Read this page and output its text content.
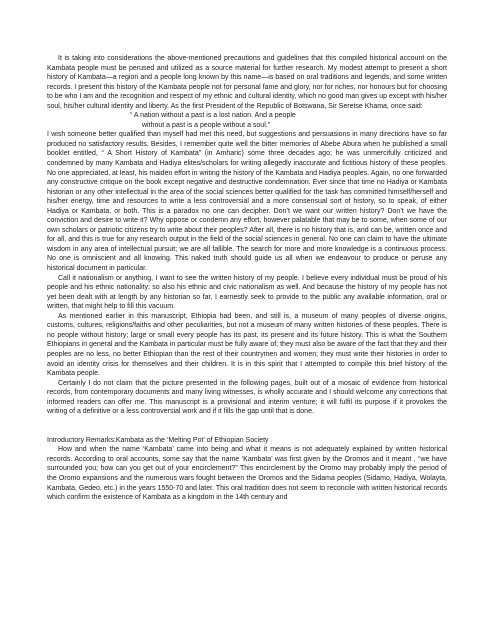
It is taking into considerations the above-mentioned precautions and guidelines that this compiled historical account on the Kambata people must be perused and utilized as a source material for further research. My modest attempt to present a short history of Kambata—a region and a people long known by this name—is based on oral traditions and legends, and some written records. I present this history of the Kambata people not for personal fame and glory, nor for riches, nor honours but for choosing to be who I am and the recognition and respect of my ethnic and cultural identity, which no good man gives up except with his/her soul, his/her cultural identity and liberty. As the first President of the Republic of Botswana, Sir Seretse Khama, once said:

“ A nation without a past is a lost nation. And a people

without a past is a people without a soul.”

I wish someone better qualified than myself had met this need, but suggestions and persuasions in many directions have so far produced no satisfactory results. Besides, I remember quite well the bitter memories of Abebe Abura when he published a small booklet entitled, “ A Short History of Kambata” (in Amharic) some three decades ago; he was unmercifully criticized and condemned by many Kambata and Hadiya elites/scholars for writing allegedly inaccurate and fictitious history of these peoples. No one appreciated, at least, his maiden effort in writing the history of the Kambata and Hadiya peoples. Again, no one forwarded any constructive critique on the book except negative and destructive condemnation. Ever since that time no Hadiya or Kambata historian or any other intellectual in the area of the social sciences better qualified for the task has committed himself/herself and his/her energy, time and resources to write a less controversial and a more consensual sort of history, so to speak, of either Hadiya or Kambata, or both. This is a paradox no one can decipher. Don’t we want our written history? Don’t we have the conviction and desire to write it? Why oppose or condemn any effort, however palatable that may be to some, when some of our own scholars or patriotic citizens try to write about their peoples? After all, there is no history that is, and can be, written once and for all, and this is true for any research output in the field of the social sciences in general. No one can claim to have the ultimate wisdom in any area of intellectual pursuit; we are all fallible. The search for more and more knowledge is a continuous process. No one is omniscient and all knowing. This naked truth should guide us all when we endeavour to produce or peruse any historical document in particular.

Call it nationalism or anything, I want to see the written history of my people. I believe every individual must be proud of his people and his ethnic nationality; so also his ethnic and civic nationalism as well. And because the history of my people has not yet been dealt with at length by any historian so far, I earnestly seek to provide to the public any available information, oral or written, that might help to fill this vacuum.

As mentioned earlier in this manuscript, Ethiopia had been, and still is, a museum of many peoples of diverse origins, customs, cultures, religions/faiths and other peculiarities, but not a museum of many written histories of these peoples. There is no people without history; large or small every people has its past, its present and its future history. This is what the Southern Ethiopians in general and the Kambata in particular must be fully aware of; they must also be aware of the fact that they and their peoples are no less, no better Ethiopian than the rest of their countrymen and women; they must write their histories in order to avoid an identity crisis for themselves and their children. It is in this spirit that I attempted to compile this brief history of the Kambata people.

Certainly I do not claim that the picture presented in the following pages, built out of a mosaic of evidence from historical records, from contemporary documents and many living witnesses, is wholly accurate and I should welcome any corrections that informed readers can offer me. This manuscript is a provisional and interim venture; it will fulfil its purpose if it provokes the writing of a definitive or a less controversial work and if it fills the gap until that is done.

Introductory Remarks:Kambata as the ‘Melting Pot’ of Ethiopian Society

How and when the name ‘Kambata’ came into being and what it means is not adequately explained by written historical records. According to oral accounts, some say that the name ‘Kambata’ was first given by the Oromos and it meant , “we have surrounded you; how can you get out of your encirclement?” This encirclement by the Oromo may probably imply the period of the Oromo expansions and the numerous wars fought between the Oromos and the Sidama peoples (Sidamo, Hadiya, Wolayta, Kambata, Gedeo, etc.) in the years 1550-70 and later. This oral tradition does not seem to reconcile with written historical records which confirm the existence of Kambata as a kingdom in the 14th century and
